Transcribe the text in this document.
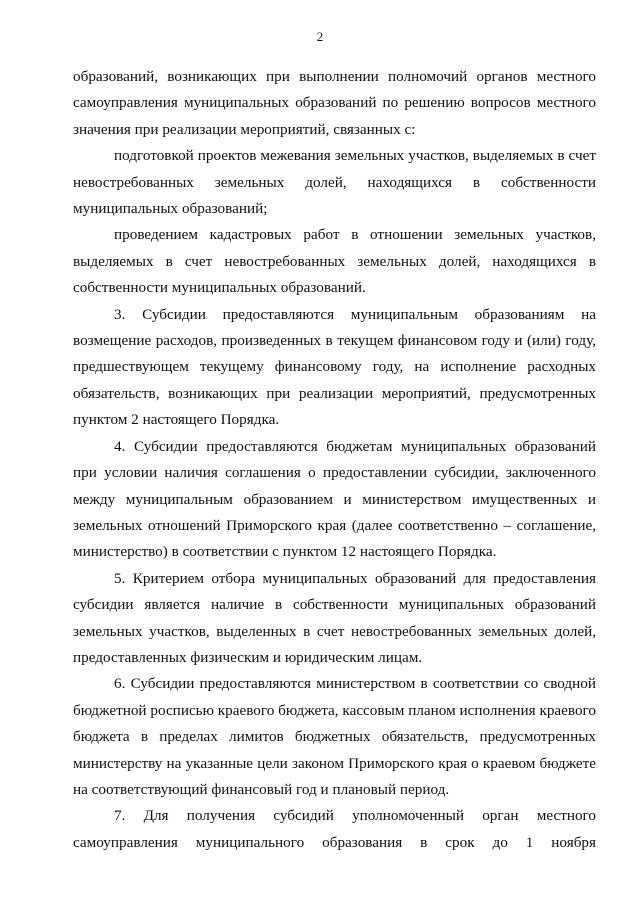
2

образований, возникающих при выполнении полномочий органов местного самоуправления муниципальных образований по решению вопросов местного значения при реализации мероприятий, связанных с:

подготовкой проектов межевания земельных участков, выделяемых в счет невостребованных земельных долей, находящихся в собственности муниципальных образований;

проведением кадастровых работ в отношении земельных участков, выделяемых в счет невостребованных земельных долей, находящихся в собственности муниципальных образований.

3. Субсидии предоставляются муниципальным образованиям на возмещение расходов, произведенных в текущем финансовом году и (или) году, предшествующем текущему финансовому году, на исполнение расходных обязательств, возникающих при реализации мероприятий, предусмотренных пунктом 2 настоящего Порядка.

4. Субсидии предоставляются бюджетам муниципальных образований при условии наличия соглашения о предоставлении субсидии, заключенного между муниципальным образованием и министерством имущественных и земельных отношений Приморского края (далее соответственно – соглашение, министерство) в соответствии с пунктом 12 настоящего Порядка.

5. Критерием отбора муниципальных образований для предоставления субсидии является наличие в собственности муниципальных образований земельных участков, выделенных в счет невостребованных земельных долей, предоставленных физическим и юридическим лицам.

6. Субсидии предоставляются министерством в соответствии со сводной бюджетной росписью краевого бюджета, кассовым планом исполнения краевого бюджета в пределах лимитов бюджетных обязательств, предусмотренных министерству на указанные цели законом Приморского края о краевом бюджете на соответствующий финансовый год и плановый период.

7. Для получения субсидий уполномоченный орган местного самоуправления муниципального образования в срок до 1 ноября
